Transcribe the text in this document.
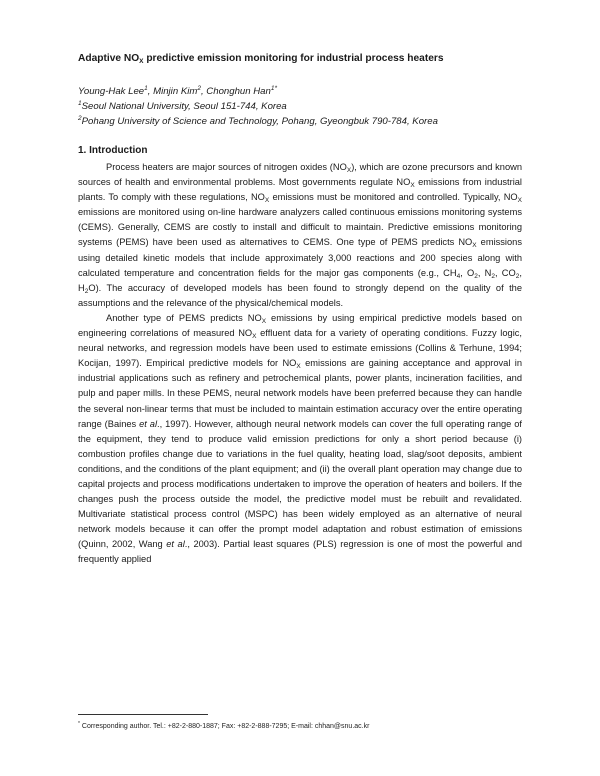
Adaptive $NO_X$ predictive emission monitoring for industrial process heaters

Young-Hak Lee$^1$, Minjin Kim$^2$, Chonghun Han$^{1*}$

$^1$Seoul National University, Seoul 151-744, Korea

$^2$Pohang University of Science and Technology, Pohang, Gyeongbuk 790-784, Korea

1. Introduction

Process heaters are major sources of nitrogen oxides $(NO_X)$, which are ozone precursors and known sources of health and environmental problems. Most governments regulate $NO_X$ emissions from industrial plants. To comply with these regulations, $NO_X$ emissions must be monitored and controlled. Typically, $NO_X$ emissions are monitored using on-line hardware analyzers called continuous emissions monitoring systems (CEMS). Generally, CEMS are costly to install and difficult to maintain. Predictive emissions monitoring systems (PEMS) have been used as alternatives to CEMS. One type of PEMS predicts $NO_X$ emissions using detailed kinetic models that include approximately 3,000 reactions and 200 species along with calculated temperature and concentration fields for the major gas components (e.g., $CH_4$, $O_2$, $N_2$, $CO_2$, $H_2O$). The accuracy of developed models has been found to strongly depend on the quality of the assumptions and the relevance of the physical/chemical models.

Another type of PEMS predicts $NO_X$ emissions by using empirical predictive models based on engineering correlations of measured $NO_X$ effluent data for a variety of operating conditions. Fuzzy logic, neural networks, and regression models have been used to estimate emissions (Collins & Terhune, 1994; Kocijan, 1997). Empirical predictive models for $NO_X$ emissions are gaining acceptance and approval in industrial applications such as refinery and petrochemical plants, power plants, incineration facilities, and pulp and paper mills. In these PEMS, neural network models have been preferred because they can handle the several non-linear terms that must be included to maintain estimation accuracy over the entire operating range (Baines et al., 1997). However, although neural network models can cover the full operating range of the equipment, they tend to produce valid emission predictions for only a short period because (i) combustion profiles change due to variations in the fuel quality, heating load, slag/soot deposits, ambient conditions, and the conditions of the plant equipment; and (ii) the overall plant operation may change due to capital projects and process modifications undertaken to improve the operation of heaters and boilers. If the changes push the process outside the model, the predictive model must be rebuilt and revalidated. Multivariate statistical process control (MSPC) has been widely employed as an alternative of neural network models because it can offer the prompt model adaptation and robust estimation of emissions (Quinn, 2002, Wang et al., 2003). Partial least squares (PLS) regression is one of most the powerful and frequently applied

* Corresponding author. Tel.: +82-2-880-1887; Fax: +82-2-888-7295; E-mail: chhan@snu.ac.kr
